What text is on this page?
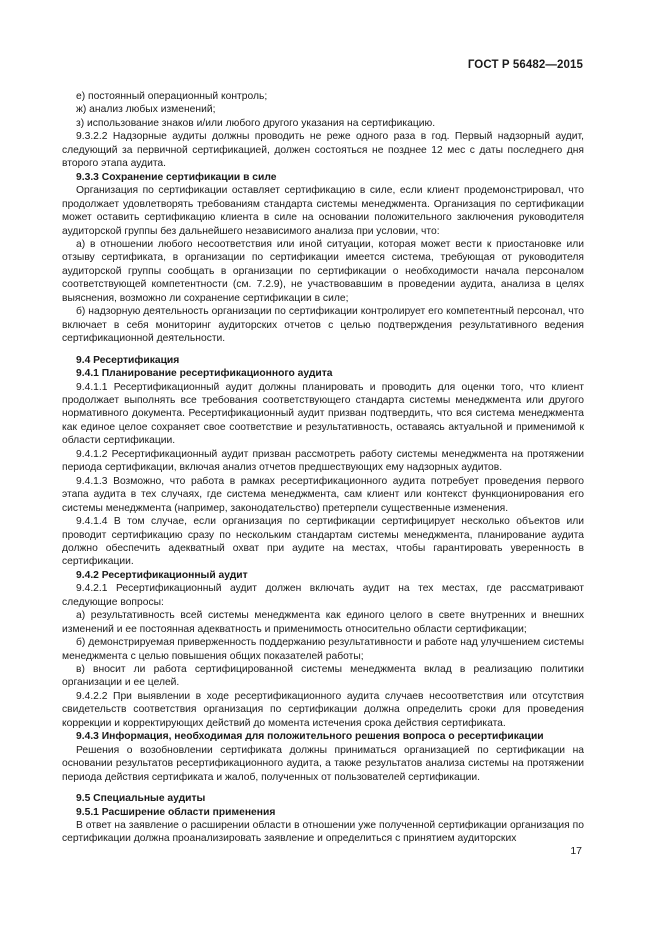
ГОСТ Р 56482—2015

е) постоянный операционный контроль;

ж) анализ любых изменений;

з) использование знаков и/или любого другого указания на сертификацию.

9.3.2.2 Надзорные аудиты должны проводить не реже одного раза в год. Первый надзорный аудит, следующий за первичной сертификацией, должен состояться не позднее 12 мес с даты последнего дня второго этапа аудита.

9.3.3 Сохранение сертификации в силе

Организация по сертификации оставляет сертификацию в силе, если клиент продемонстрировал, что продолжает удовлетворять требованиям стандарта системы менеджмента. Организация по сертификации может оставить сертификацию клиента в силе на основании положительного заключения руководителя аудиторской группы без дальнейшего независимого анализа при условии, что:

а) в отношении любого несоответствия или иной ситуации, которая может вести к приостановке или отзыву сертификата, в организации по сертификации имеется система, требующая от руководителя аудиторской группы сообщать в организации по сертификации о необходимости начала персоналом соответствующей компетентности (см. 7.2.9), не участвовавшим в проведении аудита, анализа в целях выяснения, возможно ли сохранение сертификации в силе;

б) надзорную деятельность организации по сертификации контролирует его компетентный персонал, что включает в себя мониторинг аудиторских отчетов с целью подтверждения результативного ведения сертификационной деятельности.

9.4 Ресертификация

9.4.1 Планирование ресертификационного аудита

9.4.1.1 Ресертификационный аудит должны планировать и проводить для оценки того, что клиент продолжает выполнять все требования соответствующего стандарта системы менеджмента или другого нормативного документа. Ресертификационный аудит призван подтвердить, что вся система менеджмента как единое целое сохраняет свое соответствие и результативность, оставаясь актуальной и применимой к области сертификации.

9.4.1.2 Ресертификационный аудит призван рассмотреть работу системы менеджмента на протяжении периода сертификации, включая анализ отчетов предшествующих ему надзорных аудитов.

9.4.1.3 Возможно, что работа в рамках ресертификационного аудита потребует проведения первого этапа аудита в тех случаях, где система менеджмента, сам клиент или контекст функционирования его системы менеджмента (например, законодательство) претерпели существенные изменения.

9.4.1.4 В том случае, если организация по сертификации сертифицирует несколько объектов или проводит сертификацию сразу по нескольким стандартам системы менеджмента, планирование аудита должно обеспечить адекватный охват при аудите на местах, чтобы гарантировать уверенность в сертификации.

9.4.2 Ресертификационный аудит

9.4.2.1 Ресертификационный аудит должен включать аудит на тех местах, где рассматривают следующие вопросы:

а) результативность всей системы менеджмента как единого целого в свете внутренних и внешних изменений и ее постоянная адекватность и применимость относительно области сертификации;

б) демонстрируемая приверженность поддержанию результативности и работе над улучшением системы менеджмента с целью повышения общих показателей работы;

в) вносит ли работа сертифицированной системы менеджмента вклад в реализацию политики организации и ее целей.

9.4.2.2 При выявлении в ходе ресертификационного аудита случаев несоответствия или отсутствия свидетельств соответствия организация по сертификации должна определить сроки для проведения коррекции и корректирующих действий до момента истечения срока действия сертификата.

9.4.3 Информация, необходимая для положительного решения вопроса о ресертификации

Решения о возобновлении сертификата должны приниматься организацией по сертификации на основании результатов ресертификационного аудита, а также результатов анализа системы на протяжении периода действия сертификата и жалоб, полученных от пользователей сертификации.

9.5 Специальные аудиты

9.5.1 Расширение области применения

В ответ на заявление о расширении области в отношении уже полученной сертификации организация по сертификации должна проанализировать заявление и определиться с принятием аудиторских

17
